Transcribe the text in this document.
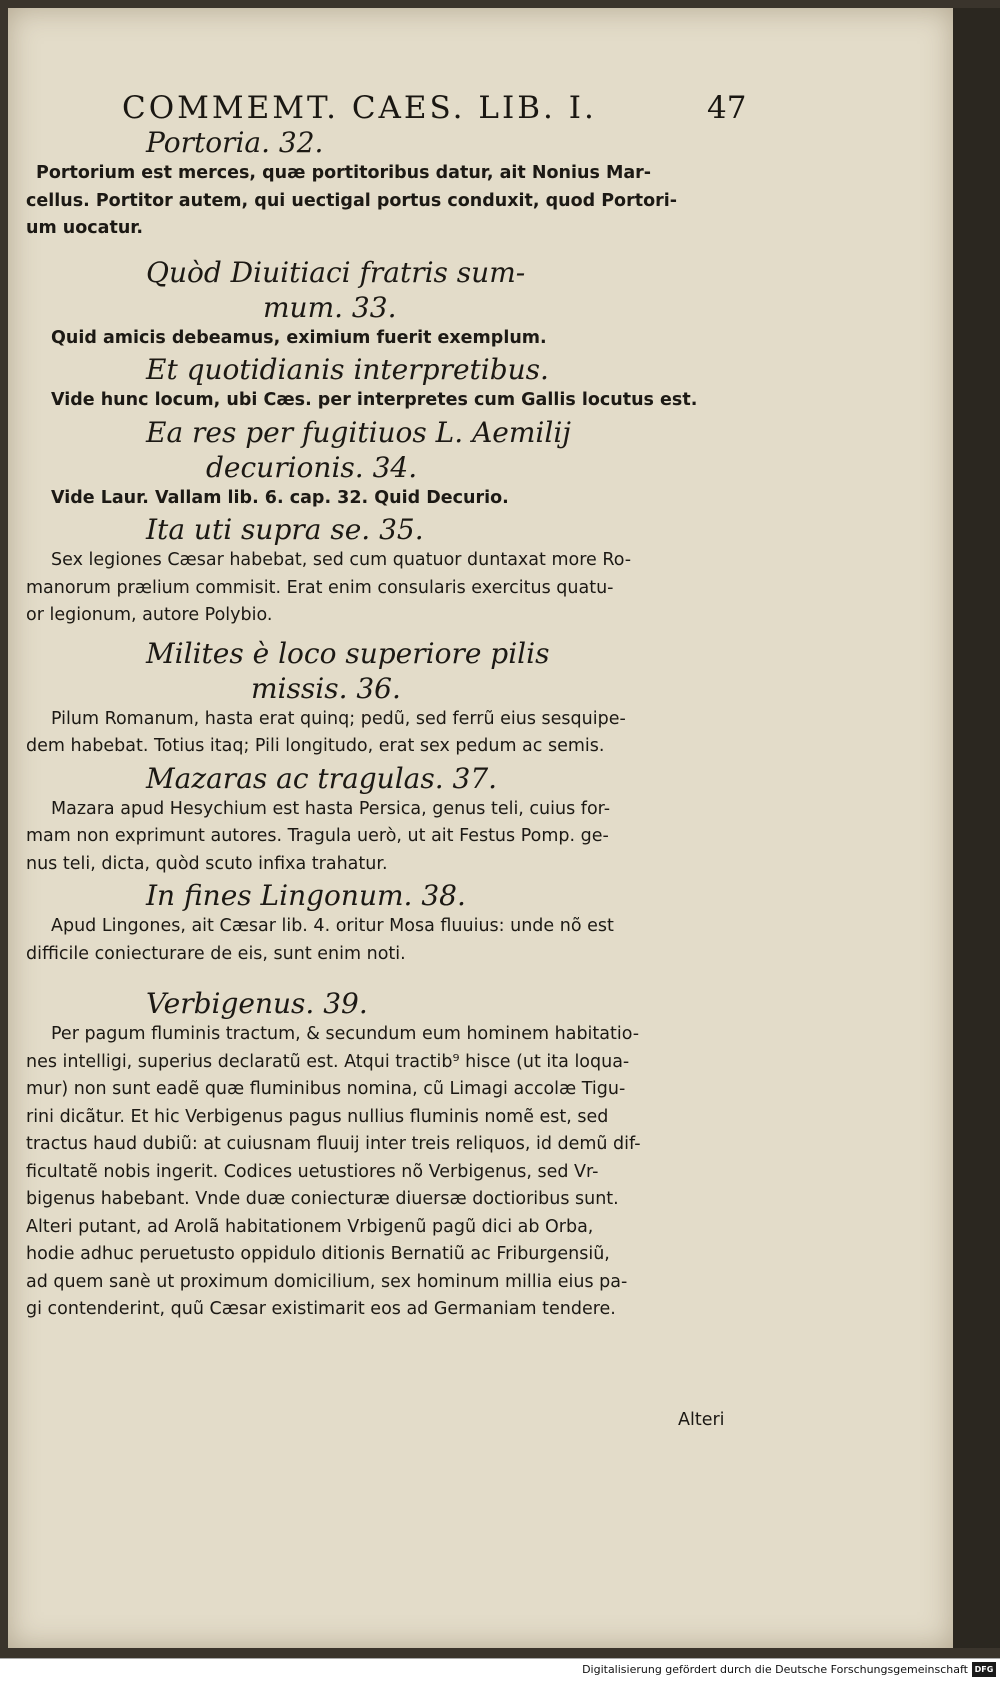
COMMEMT. CAES. LIB. I.	47
Portoria. 32.
Portorium est merces, quæ portitoribus datur, ait Nonius Mar-
cellus. Portitor autem, qui uectigal portus conduxit, quod Portori-
um uocatur.
Quòd Diuitiaci fratris sum-
mum. 33.
Quid amicis debeamus, eximium fuerit exemplum.
Et quotidianis interpretibus.
Vide hunc locum, ubi Cæs. per interpretes cum Gallis locutus est.
Ea res per fugitiuos L. Aemilij
decurionis. 34.
Vide Laur. Vallam lib. 6. cap. 32. Quid Decurio.
Ita uti supra se. 35.
Sex legiones Cæsar habebat, sed cum quatuor duntaxat more Ro-
manorum prælium commisit. Erat enim consularis exercitus quatu-
or legionum, autore Polybio.
Milites è loco superiore pilis
missis. 36.
Pilum Romanum, hasta erat quinq; pedũ, sed ferrũ eius sesquipe-
dem habebat. Totius itaq; Pili longitudo, erat sex pedum ac semis.
Mazaras ac tragulas. 37.
Mazara apud Hesychium est hasta Persica, genus teli, cuius for-
mam non exprimunt autores. Tragula uerò, ut ait Festus Pomp. ge-
nus teli, dicta, quòd scuto infixa trahatur.
In fines Lingonum. 38.
Apud Lingones, ait Cæsar lib. 4. oritur Mosa fluuius: unde nõ est
difficile coniecturare de eis, sunt enim noti.
Verbigenus. 39.
Per pagum fluminis tractum, & secundum eum hominem habitatio-
nes intelligi, superius declaratũ est. Atqui tractib⁹ hisce (ut ita loqua-
mur) non sunt eadẽ quæ fluminibus nomina, cũ Limagi accolæ Tigu-
rini dicãtur. Et hic Verbigenus pagus nullius fluminis nomẽ est, sed
tractus haud dubiũ: at cuiusnam fluuij inter treis reliquos, id demũ dif-
ficultatẽ nobis ingerit. Codices uetustiores nõ Verbigenus, sed Vr-
bigenus habebant. Vnde duæ coniecturæ diuersæ doctioribus sunt.
Alteri putant, ad Arolã habitationem Vrbigenũ pagũ dici ab Orba,
hodie adhuc peruetusto oppidulo ditionis Bernatiũ ac Friburgensiũ,
ad quem sanè ut proximum domicilium, sex hominum millia eius pa-
gi contenderint, quũ Cæsar existimarit eos ad Germaniam tendere.
Alteri
Digitalisierung gefördert durch die Deutsche Forschungsgemeinschaft DFG
